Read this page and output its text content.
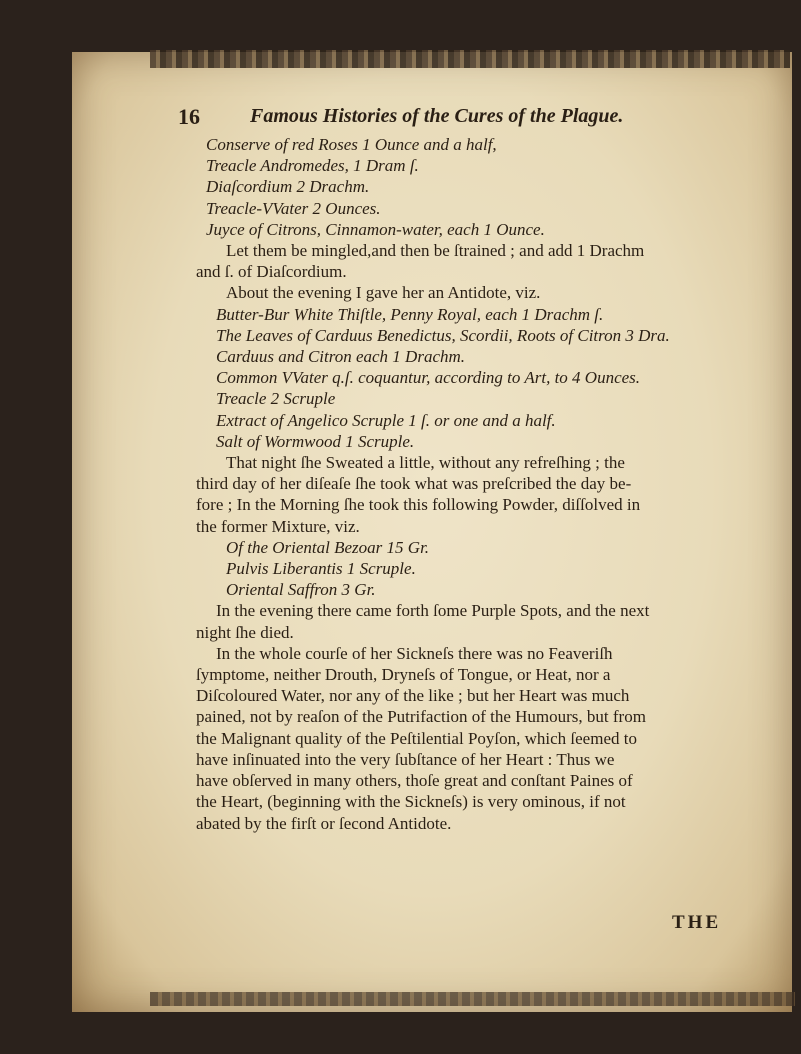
16	Famous Histories of the Cures of the Plague.
Conserve of red Roses 1 Ounce and a half,
Treacle Andromedes, 1 Dram ſ.
Diaſcordium 2 Drachm.
Treacle-VVater 2 Ounces.
Juyce of Citrons, Cinnamon-water, each 1 Ounce.
Let them be mingled,and then be ſtrained ; and add 1 Drachm
and ſ. of Diaſcordium.
About the evening I gave her an Antidote, viz.
Butter-Bur White Thiſtle, Penny Royal, each 1 Drachm ſ.
The Leaves of Carduus Benedictus, Scordii, Roots of Citron 3 Dra.
Carduus and Citron each 1 Drachm.
Common VVater q.ſ. coquantur, according to Art, to 4 Ounces.
Treacle 2 Scruple
Extract of Angelico Scruple 1 ſ. or one and a half.
Salt of Wormwood 1 Scruple.
That night ſhe Sweated a little, without any refreſhing ; the
third day of her diſeaſe ſhe took what was preſcribed the day be-
fore ; In the Morning ſhe took this following Powder, diſſolved in
the former Mixture, viz.
Of the Oriental Bezoar 15 Gr.
Pulvis Liberantis 1 Scruple.
Oriental Saffron 3 Gr.
In the evening there came forth ſome Purple Spots, and the next
night ſhe died.
In the whole courſe of her Sickneſs there was no Feaveriſh
ſymptome, neither Drouth, Dryneſs of Tongue, or Heat, nor a
Diſcoloured Water, nor any of the like ; but her Heart was much
pained, not by reaſon of the Putrifaction of the Humours, but from
the Malignant quality of the Peſtilential Poyſon, which ſeemed to
have inſinuated into the very ſubſtance of her Heart : Thus we
have obſerved in many others, thoſe great and conſtant Paines of
the Heart, (beginning with the Sickneſs) is very ominous, if not
abated by the firſt or ſecond Antidote.
THE
